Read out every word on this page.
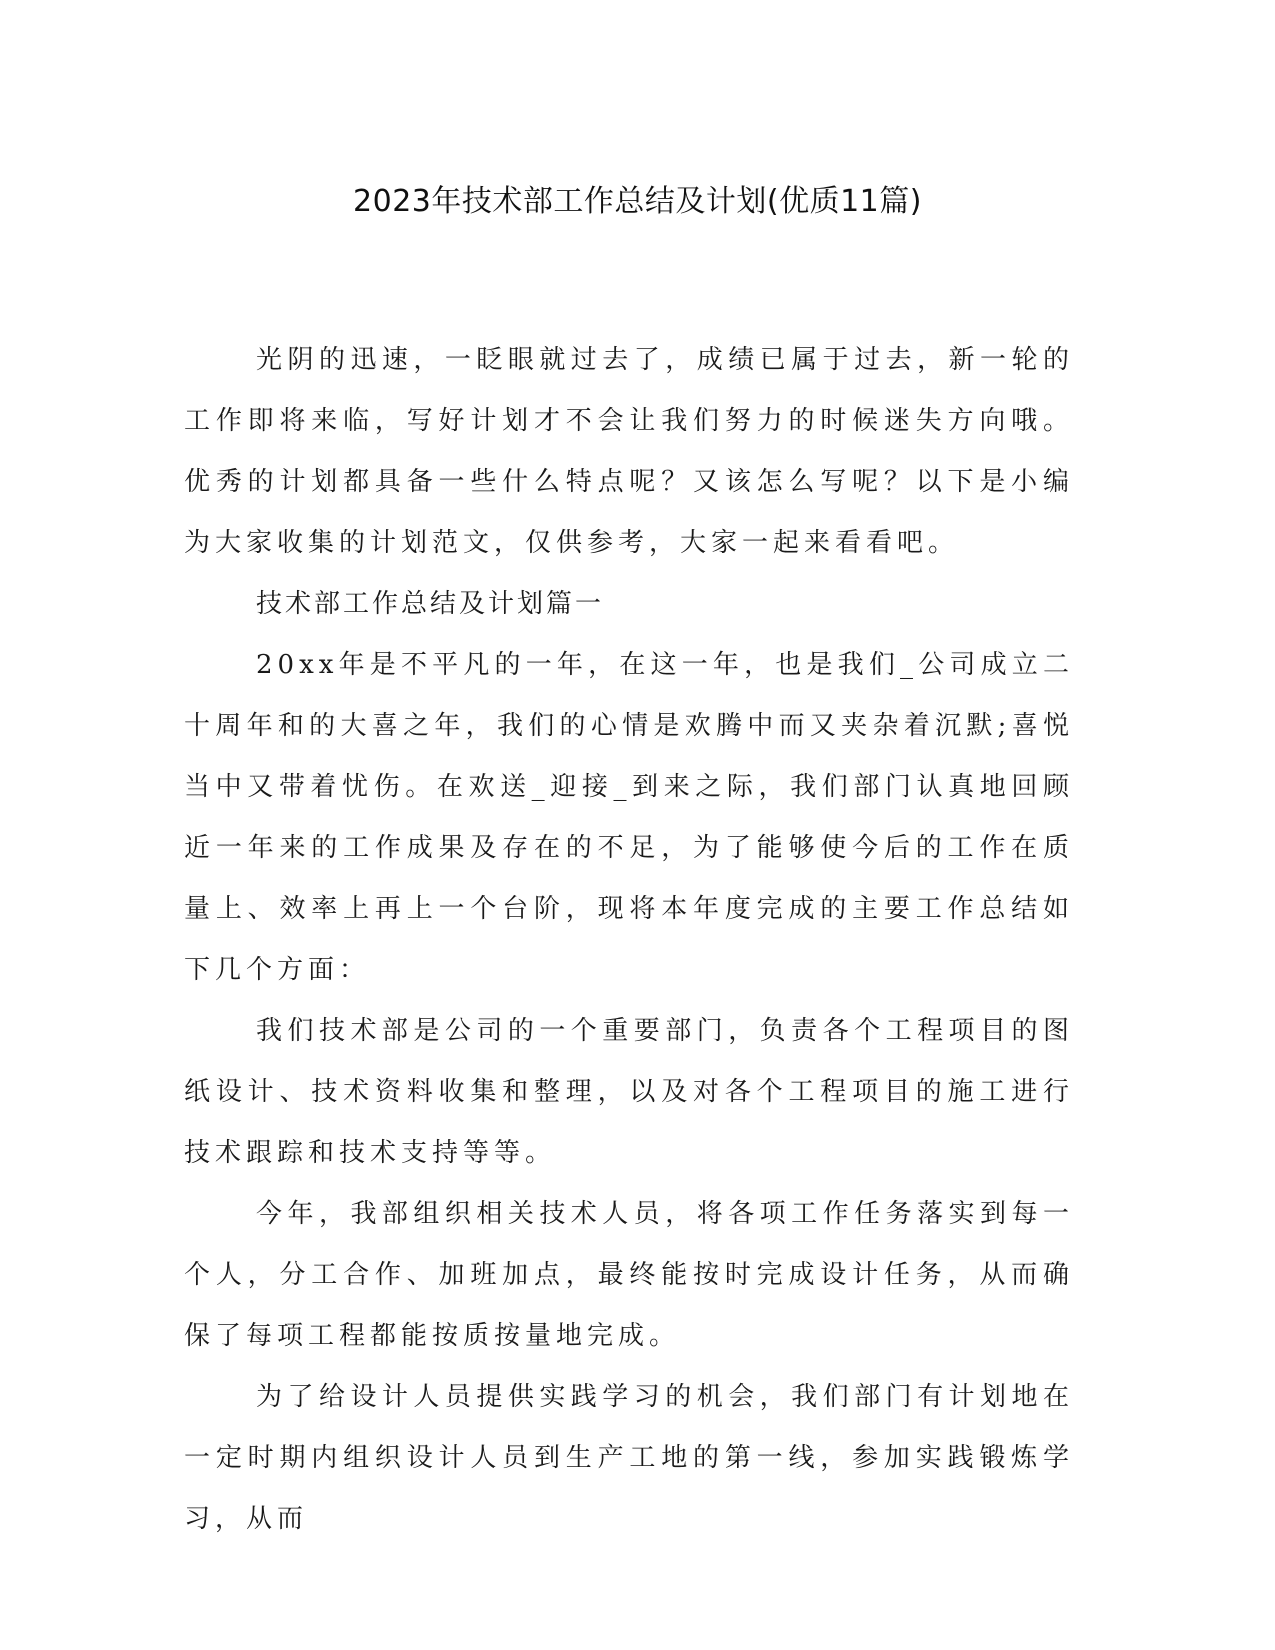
2023年技术部工作总结及计划(优质11篇)

光阴的迅速，一眨眼就过去了，成绩已属于过去，新一轮的工作即将来临，写好计划才不会让我们努力的时候迷失方向哦。优秀的计划都具备一些什么特点呢？又该怎么写呢？以下是小编为大家收集的计划范文，仅供参考，大家一起来看看吧。

技术部工作总结及计划篇一

20xx年是不平凡的一年，在这一年，也是我们_公司成立二十周年和的大喜之年，我们的心情是欢腾中而又夹杂着沉默;喜悦当中又带着忧伤。在欢送_迎接_到来之际，我们部门认真地回顾近一年来的工作成果及存在的不足，为了能够使今后的工作在质量上、效率上再上一个台阶，现将本年度完成的主要工作总结如下几个方面：

我们技术部是公司的一个重要部门，负责各个工程项目的图纸设计、技术资料收集和整理，以及对各个工程项目的施工进行技术跟踪和技术支持等等。

今年，我部组织相关技术人员，将各项工作任务落实到每一个人，分工合作、加班加点，最终能按时完成设计任务，从而确保了每项工程都能按质按量地完成。

为了给设计人员提供实践学习的机会，我们部门有计划地在一定时期内组织设计人员到生产工地的第一线，参加实践锻炼学习，从而
